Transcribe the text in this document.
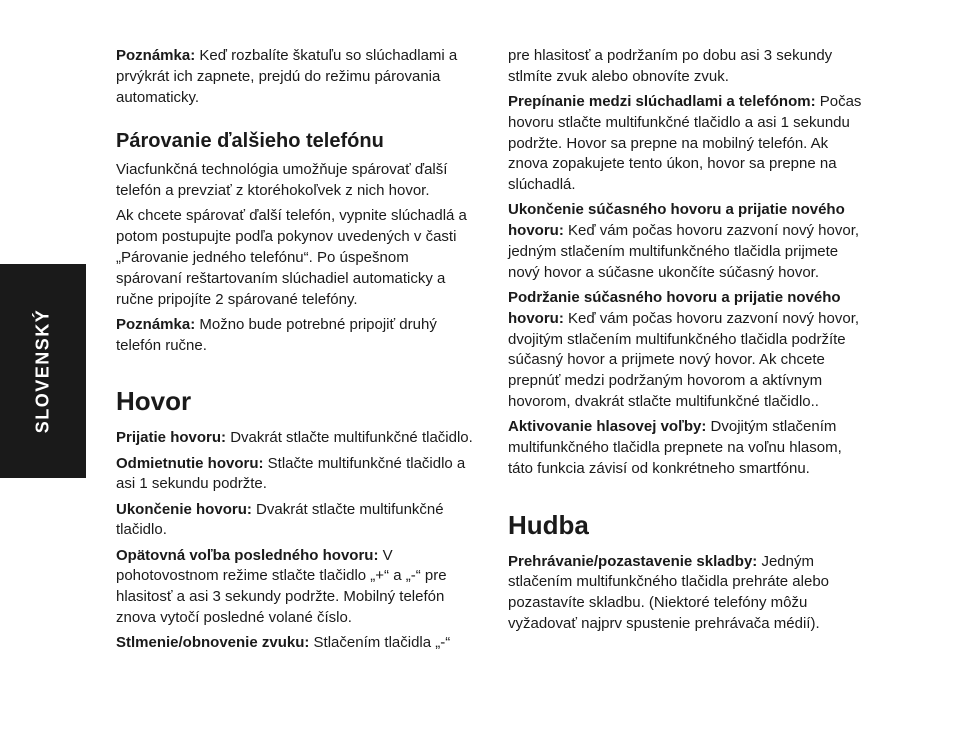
SLOVENSKÝ

Poznámka: Keď rozbalíte škatuľu so slúchadlami a prvýkrát ich zapnete, prejdú do režimu párovania automaticky.

Párovanie ďalšieho telefónu

Viacfunkčná technológia umožňuje spárovať ďalší telefón a prevziať z ktoréhokoľvek z nich hovor.

Ak chcete spárovať ďalší telefón, vypnite slúchadlá a potom postupujte podľa pokynov uvedených v časti „Párovanie jedného telefónu“. Po úspešnom spárovaní reštartovaním slúchadiel automaticky a ručne pripojíte 2 spárované telefóny.

Poznámka: Možno bude potrebné pripojiť druhý telefón ručne.

Hovor

Prijatie hovoru: Dvakrát stlačte multifunkčné tlačidlo.

Odmietnutie hovoru: Stlačte multifunkčné tlačidlo a asi 1 sekundu podržte.

Ukončenie hovoru: Dvakrát stlačte multifunkčné tlačidlo.

Opätovná voľba posledného hovoru: V pohotovostnom režime stlačte tlačidlo „+“ a „-“ pre hlasitosť a asi 3 sekundy podržte. Mobilný telefón znova vytočí posledné volané číslo.

Stlmenie/obnovenie zvuku: Stlačením tlačidla „-“

pre hlasitosť a podržaním po dobu asi 3 sekundy stlmíte zvuk alebo obnovíte zvuk.

Prepínanie medzi slúchadlami a telefónom: Počas hovoru stlačte multifunkčné tlačidlo a asi 1 sekundu podržte. Hovor sa prepne na mobilný telefón. Ak znova zopakujete tento úkon, hovor sa prepne na slúchadlá.

Ukončenie súčasného hovoru a prijatie nového hovoru: Keď vám počas hovoru zazvoní nový hovor, jedným stlačením multifunkčného tlačidla prijmete nový hovor a súčasne ukončíte súčasný hovor.

Podržanie súčasného hovoru a prijatie nového hovoru: Keď vám počas hovoru zazvoní nový hovor, dvojitým stlačením multifunkčného tlačidla podržíte súčasný hovor a prijmete nový hovor. Ak chcete prepnúť medzi podržaným hovorom a aktívnym hovorom, dvakrát stlačte multifunkčné tlačidlo..

Aktivovanie hlasovej voľby: Dvojitým stlačením multifunkčného tlačidla prepnete na voľnu hlasom, táto funkcia závisí od konkrétneho smartfónu.

Hudba

Prehrávanie/pozastavenie skladby: Jedným stlačením multifunkčného tlačidla prehráte alebo pozastavíte skladbu. (Niektoré telefóny môžu vyžadovať najprv spustenie prehrávača médií).
